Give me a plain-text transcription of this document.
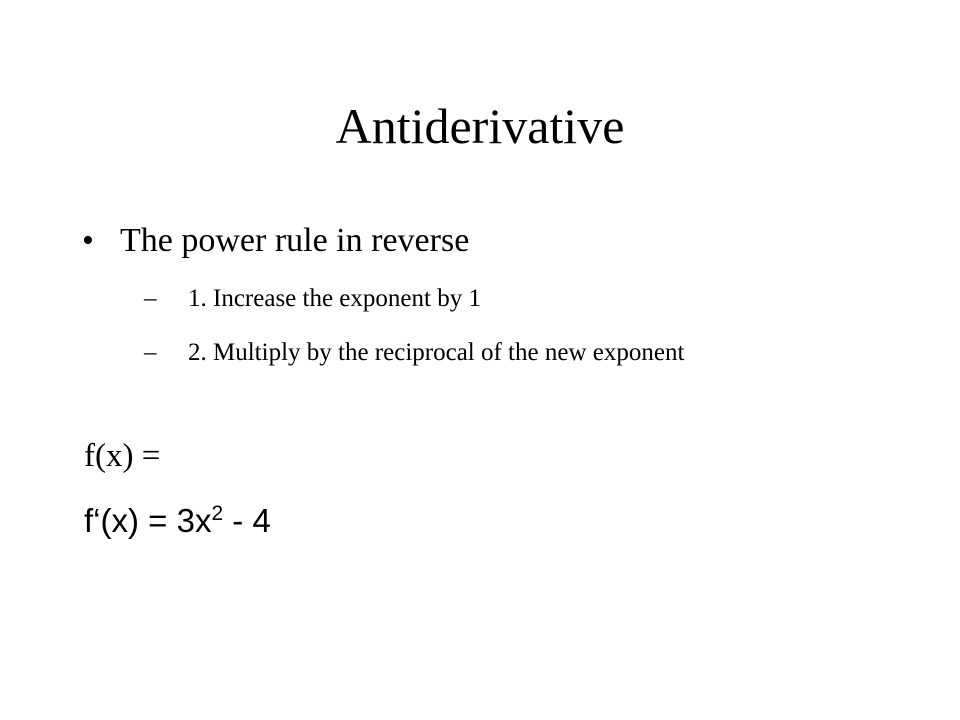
Antiderivative
• The power rule in reverse
– 1. Increase the exponent by 1
– 2. Multiply by the reciprocal of the new exponent
f(x) =
f‘(x) = $3x^2 - 4$
